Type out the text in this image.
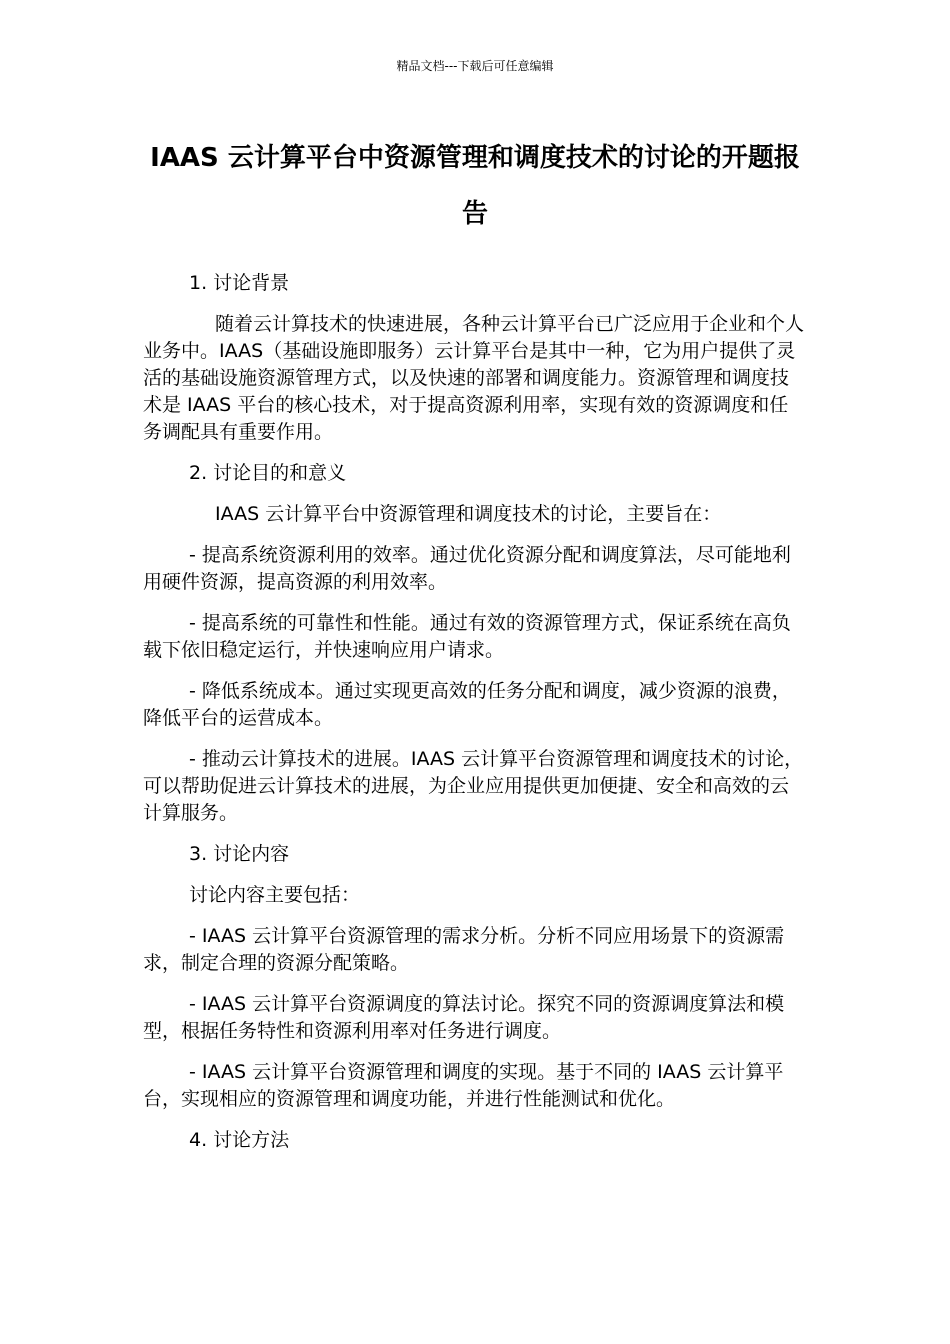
精品文档---下载后可任意编辑
IAAS 云计算平台中资源管理和调度技术的讨论的开题报告

1. 讨论背景

随着云计算技术的快速进展，各种云计算平台已广泛应用于企业和个人业务中。IAAS（基础设施即服务）云计算平台是其中一种，它为用户提供了灵活的基础设施资源管理方式，以及快速的部署和调度能力。资源管理和调度技术是 IAAS 平台的核心技术，对于提高资源利用率，实现有效的资源调度和任务调配具有重要作用。

2. 讨论目的和意义

IAAS 云计算平台中资源管理和调度技术的讨论，主要旨在：

- 提高系统资源利用的效率。通过优化资源分配和调度算法，尽可能地利用硬件资源，提高资源的利用效率。

- 提高系统的可靠性和性能。通过有效的资源管理方式，保证系统在高负载下依旧稳定运行，并快速响应用户请求。

- 降低系统成本。通过实现更高效的任务分配和调度，减少资源的浪费，降低平台的运营成本。

- 推动云计算技术的进展。IAAS 云计算平台资源管理和调度技术的讨论，可以帮助促进云计算技术的进展，为企业应用提供更加便捷、安全和高效的云计算服务。

3. 讨论内容

讨论内容主要包括：

- IAAS 云计算平台资源管理的需求分析。分析不同应用场景下的资源需求，制定合理的资源分配策略。

- IAAS 云计算平台资源调度的算法讨论。探究不同的资源调度算法和模型，根据任务特性和资源利用率对任务进行调度。

- IAAS 云计算平台资源管理和调度的实现。基于不同的 IAAS 云计算平台，实现相应的资源管理和调度功能，并进行性能测试和优化。

4. 讨论方法
